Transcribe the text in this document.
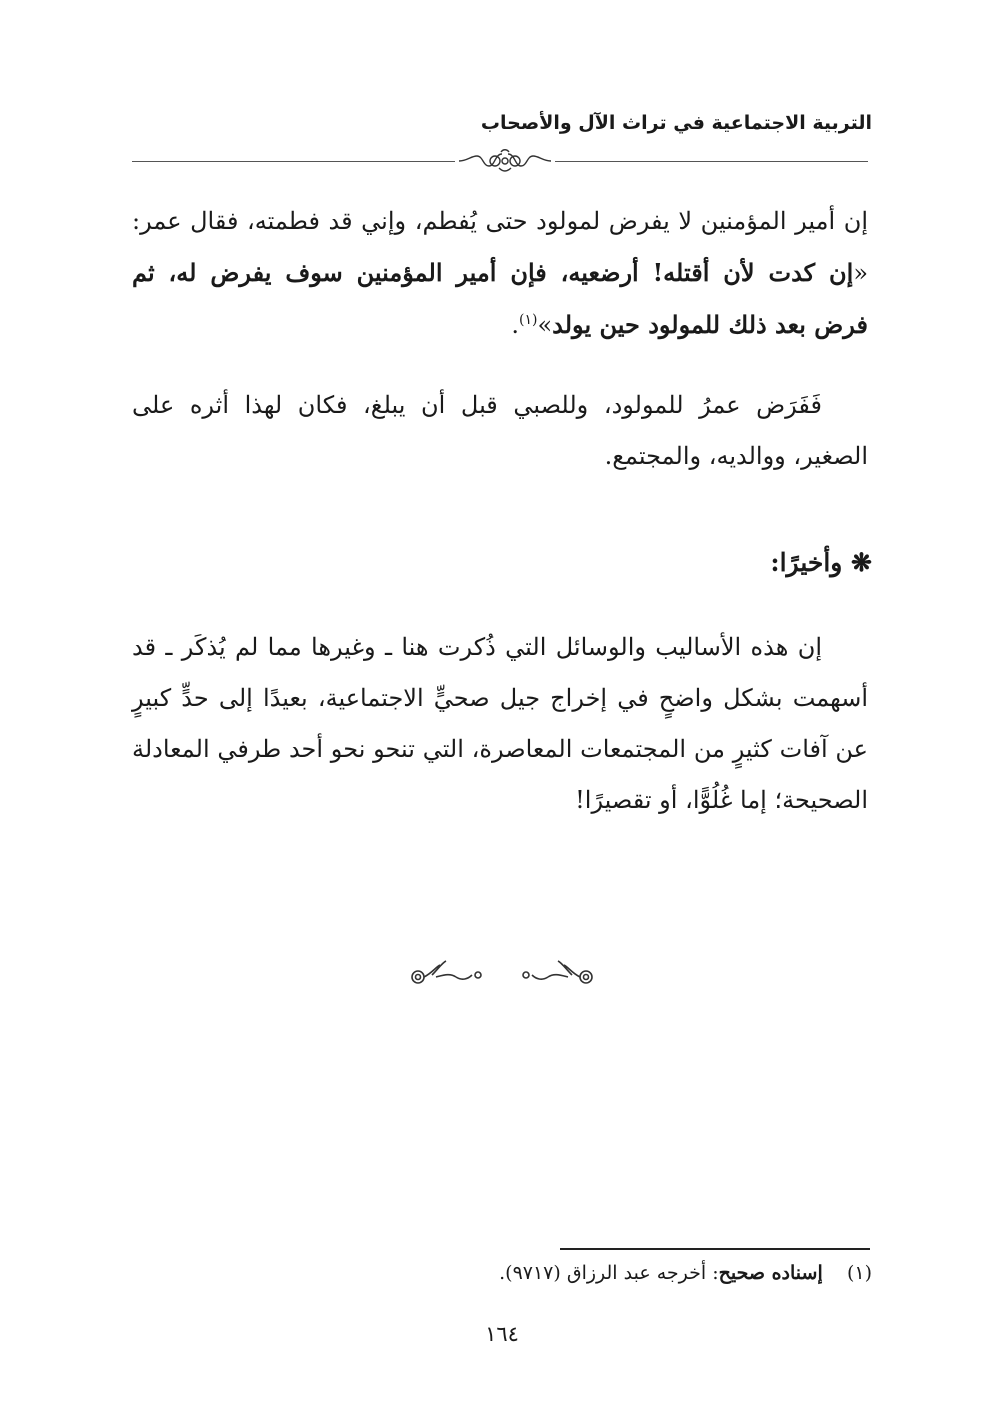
التربية الاجتماعية في تراث الآل والأصحاب
إن أمير المؤمنين لا يفرض لمولود حتى يُفطم، وإني قد فطمته، فقال عمر: «إن كدت لأن أقتله! أرضعيه، فإن أمير المؤمنين سوف يفرض له، ثم فرض بعد ذلك للمولود حين يولد»$^{(١)}$.
فَفَرَض عمرُ للمولود، وللصبي قبل أن يبلغ، فكان لهذا أثره على الصغير، ووالديه، والمجتمع.
❋ وأخيرًا:
إن هذه الأساليب والوسائل التي ذُكرت هنا ـ وغيرها مما لم يُذكَر ـ قد أسهمت بشكل واضحٍ في إخراج جيل صحيٍّ الاجتماعية، بعيدًا إلى حدٍّ كبيرٍ عن آفات كثيرٍ من المجتمعات المعاصرة، التي تنحو نحو أحد طرفي المعادلة الصحيحة؛ إما غُلُوًّا، أو تقصيرًا!
(١)    إسناده صحيح: أخرجه عبد الرزاق (٩٧١٧).
١٦٤
